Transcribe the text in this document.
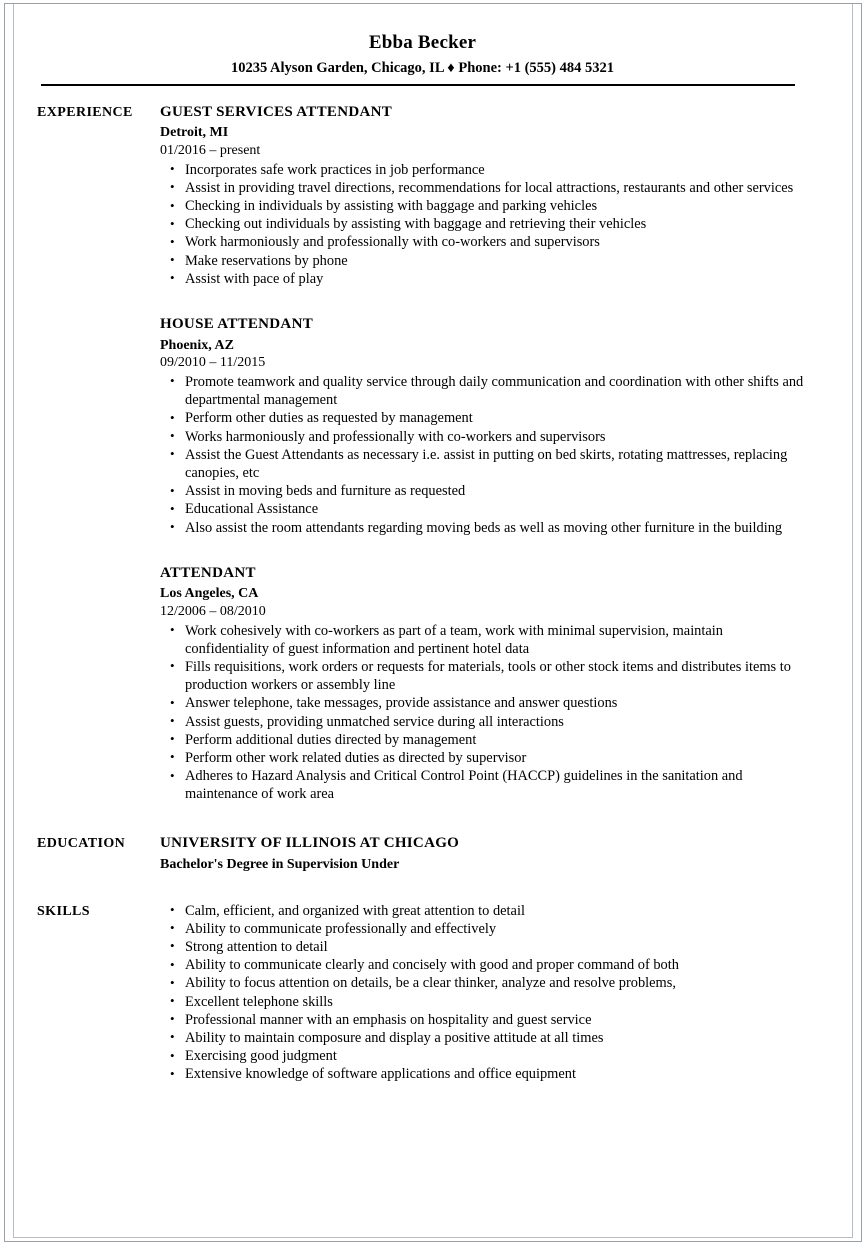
Ebba Becker
10235 Alyson Garden, Chicago, IL ♦ Phone: +1 (555) 484 5321
EXPERIENCE	GUEST SERVICES ATTENDANT
Detroit, MI
01/2016 – present
• Incorporates safe work practices in job performance
• Assist in providing travel directions, recommendations for local attractions, restaurants and other services
• Checking in individuals by assisting with baggage and parking vehicles
• Checking out individuals by assisting with baggage and retrieving their vehicles
• Work harmoniously and professionally with co-workers and supervisors
• Make reservations by phone
• Assist with pace of play
HOUSE ATTENDANT
Phoenix, AZ
09/2010 – 11/2015
• Promote teamwork and quality service through daily communication and coordination with other shifts and departmental management
• Perform other duties as requested by management
• Works harmoniously and professionally with co-workers and supervisors
• Assist the Guest Attendants as necessary i.e. assist in putting on bed skirts, rotating mattresses, replacing canopies, etc
• Assist in moving beds and furniture as requested
• Educational Assistance
• Also assist the room attendants regarding moving beds as well as moving other furniture in the building
ATTENDANT
Los Angeles, CA
12/2006 – 08/2010
• Work cohesively with co-workers as part of a team, work with minimal supervision, maintain confidentiality of guest information and pertinent hotel data
• Fills requisitions, work orders or requests for materials, tools or other stock items and distributes items to production workers or assembly line
• Answer telephone, take messages, provide assistance and answer questions
• Assist guests, providing unmatched service during all interactions
• Perform additional duties directed by management
• Perform other work related duties as directed by supervisor
• Adheres to Hazard Analysis and Critical Control Point (HACCP) guidelines in the sanitation and maintenance of work area
EDUCATION	UNIVERSITY OF ILLINOIS AT CHICAGO
Bachelor's Degree in Supervision Under
SKILLS	• Calm, efficient, and organized with great attention to detail
• Ability to communicate professionally and effectively
• Strong attention to detail
• Ability to communicate clearly and concisely with good and proper command of both
• Ability to focus attention on details, be a clear thinker, analyze and resolve problems,
• Excellent telephone skills
• Professional manner with an emphasis on hospitality and guest service
• Ability to maintain composure and display a positive attitude at all times
• Exercising good judgment
• Extensive knowledge of software applications and office equipment
